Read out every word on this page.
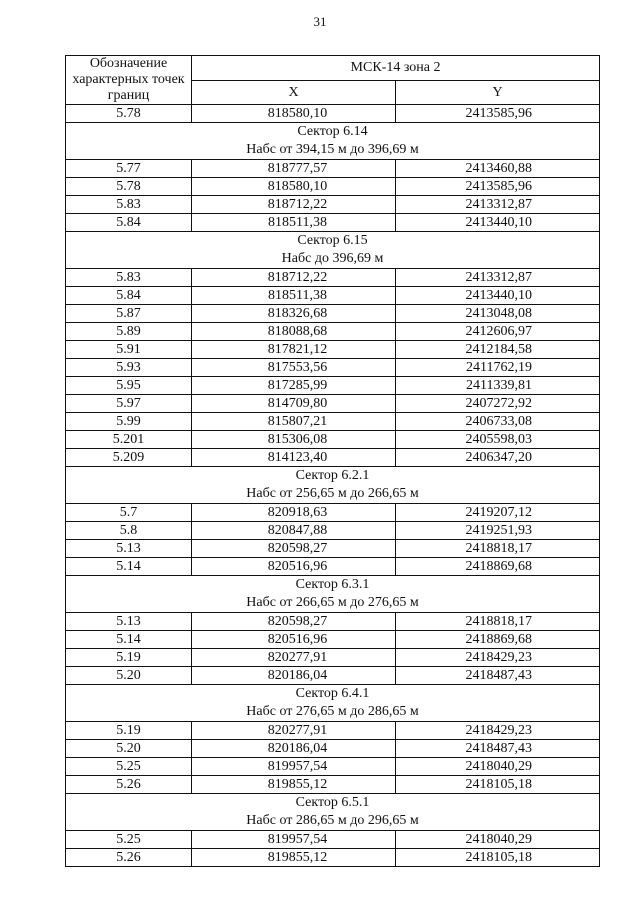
31
Обозначение
характерных точек
границ	МСК-14 зона 2	
	X	Y
5.78	818580,10	2413585,96

Сектор 6.14
Набс от 394,15 м до 396,69 м		

5.77	818777,57	2413460,88
5.78	818580,10	2413585,96
5.83	818712,22	2413312,87
5.84	818511,38	2413440,10

Сектор 6.15
Набс до 396,69 м		

5.83	818712,22	2413312,87
5.84	818511,38	2413440,10
5.87	818326,68	2413048,08
5.89	818088,68	2412606,97
5.91	817821,12	2412184,58
5.93	817553,56	2411762,19
5.95	817285,99	2411339,81
5.97	814709,80	2407272,92
5.99	815807,21	2406733,08
5.201	815306,08	2405598,03
5.209	814123,40	2406347,20

Сектор 6.2.1
Набс от 256,65 м до 266,65 м		

5.7	820918,63	2419207,12
5.8	820847,88	2419251,93
5.13	820598,27	2418818,17
5.14	820516,96	2418869,68

Сектор 6.3.1
Набс от 266,65 м до 276,65 м		

5.13	820598,27	2418818,17
5.14	820516,96	2418869,68
5.19	820277,91	2418429,23
5.20	820186,04	2418487,43

Сектор 6.4.1
Набс от 276,65 м до 286,65 м		

5.19	820277,91	2418429,23
5.20	820186,04	2418487,43
5.25	819957,54	2418040,29
5.26	819855,12	2418105,18

Сектор 6.5.1
Набс от 286,65 м до 296,65 м		

5.25	819957,54	2418040,29
5.26	819855,12	2418105,18
